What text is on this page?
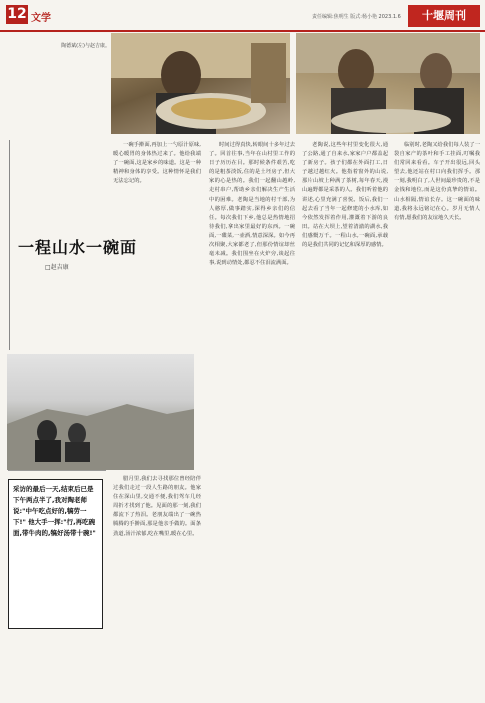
12 文学	责任编辑:焦明生 版式:杨小艳 2023.1.6	十堰周刊
陶德斌(左)与赵吉康。
一程山水一碗面
□赵吉康

一碗手擀面,再加上一勺原汁原味,暖心暖胃的身体热过来了。他给我端了一碗面,这是家乡的味道。这是一种精神和身体的享受。这种情怀是我们无法忘记的。

时间过得真快,转眼间十多年过去了。回首往事,当年在山村里工作的日子历历在目。那时候条件艰苦,吃的是粗茶淡饭,住的是土坯房子,但大家的心是热的。我们一起翻山越岭,走村串户,帮助乡亲们解决生产生活中的困难。老陶是当地的村干部,为人憨厚,做事踏实,深得乡亲们的信任。每次我们下乡,他总是热情地招待我们,拿出家里最好的东西。一碗面,一碟菜,一壶酒,情意深深。如今再次相聚,大家都老了,但那份情谊却丝毫未减。我们围坐在火炉旁,谈起往事,说到动情处,都忍不住泪流满面。

老陶说,这些年村里变化很大,通了公路,通了自来水,家家户户都盖起了新房子。孩子们都在外面打工,日子越过越红火。他指着窗外的山说,那片山坡上种满了茶树,每年春天,漫山遍野都是采茶的人。我们听着他的讲述,心里充满了喜悦。饭后,我们一起去看了当年一起修建的小水库,如今依然发挥着作用,灌溉着下游的良田。站在大坝上,望着清澈的湖水,我们感慨万千。一程山水,一碗面,承载的是我们共同的记忆和深厚的感情。

临别时,老陶又给我们每人装了一袋自家产的茶叶和手工挂面,叮嘱我们常回来看看。车子开出很远,回头望去,他还站在村口向我们挥手。那一刻,我明白了,人世间最珍贵的,不是金钱和地位,而是这份真挚的情谊。山水相隔,情谊长存。这一碗面的味道,我将永远铭记在心。岁月无情人有情,愿我们的友谊地久天长。

采访的最后一天,结束后已是下午两点半了,我对陶老师说:"中午吃点好的,犒劳一下!" 他大手一挥:"行,再吃碗面,带牛肉的,犒好汤带十碗!"

腊月里,我们去寻找那位曾经陪伴过我们走过一段人生路的朋友。他家住在深山里,交通不便,我们驾车几经周折才找到了他。见面的那一刻,我们都流下了热泪。老朋友端出了一碗热腾腾的手擀面,那是他亲手做的。面条劲道,汤汁浓郁,吃在嘴里,暖在心里。
